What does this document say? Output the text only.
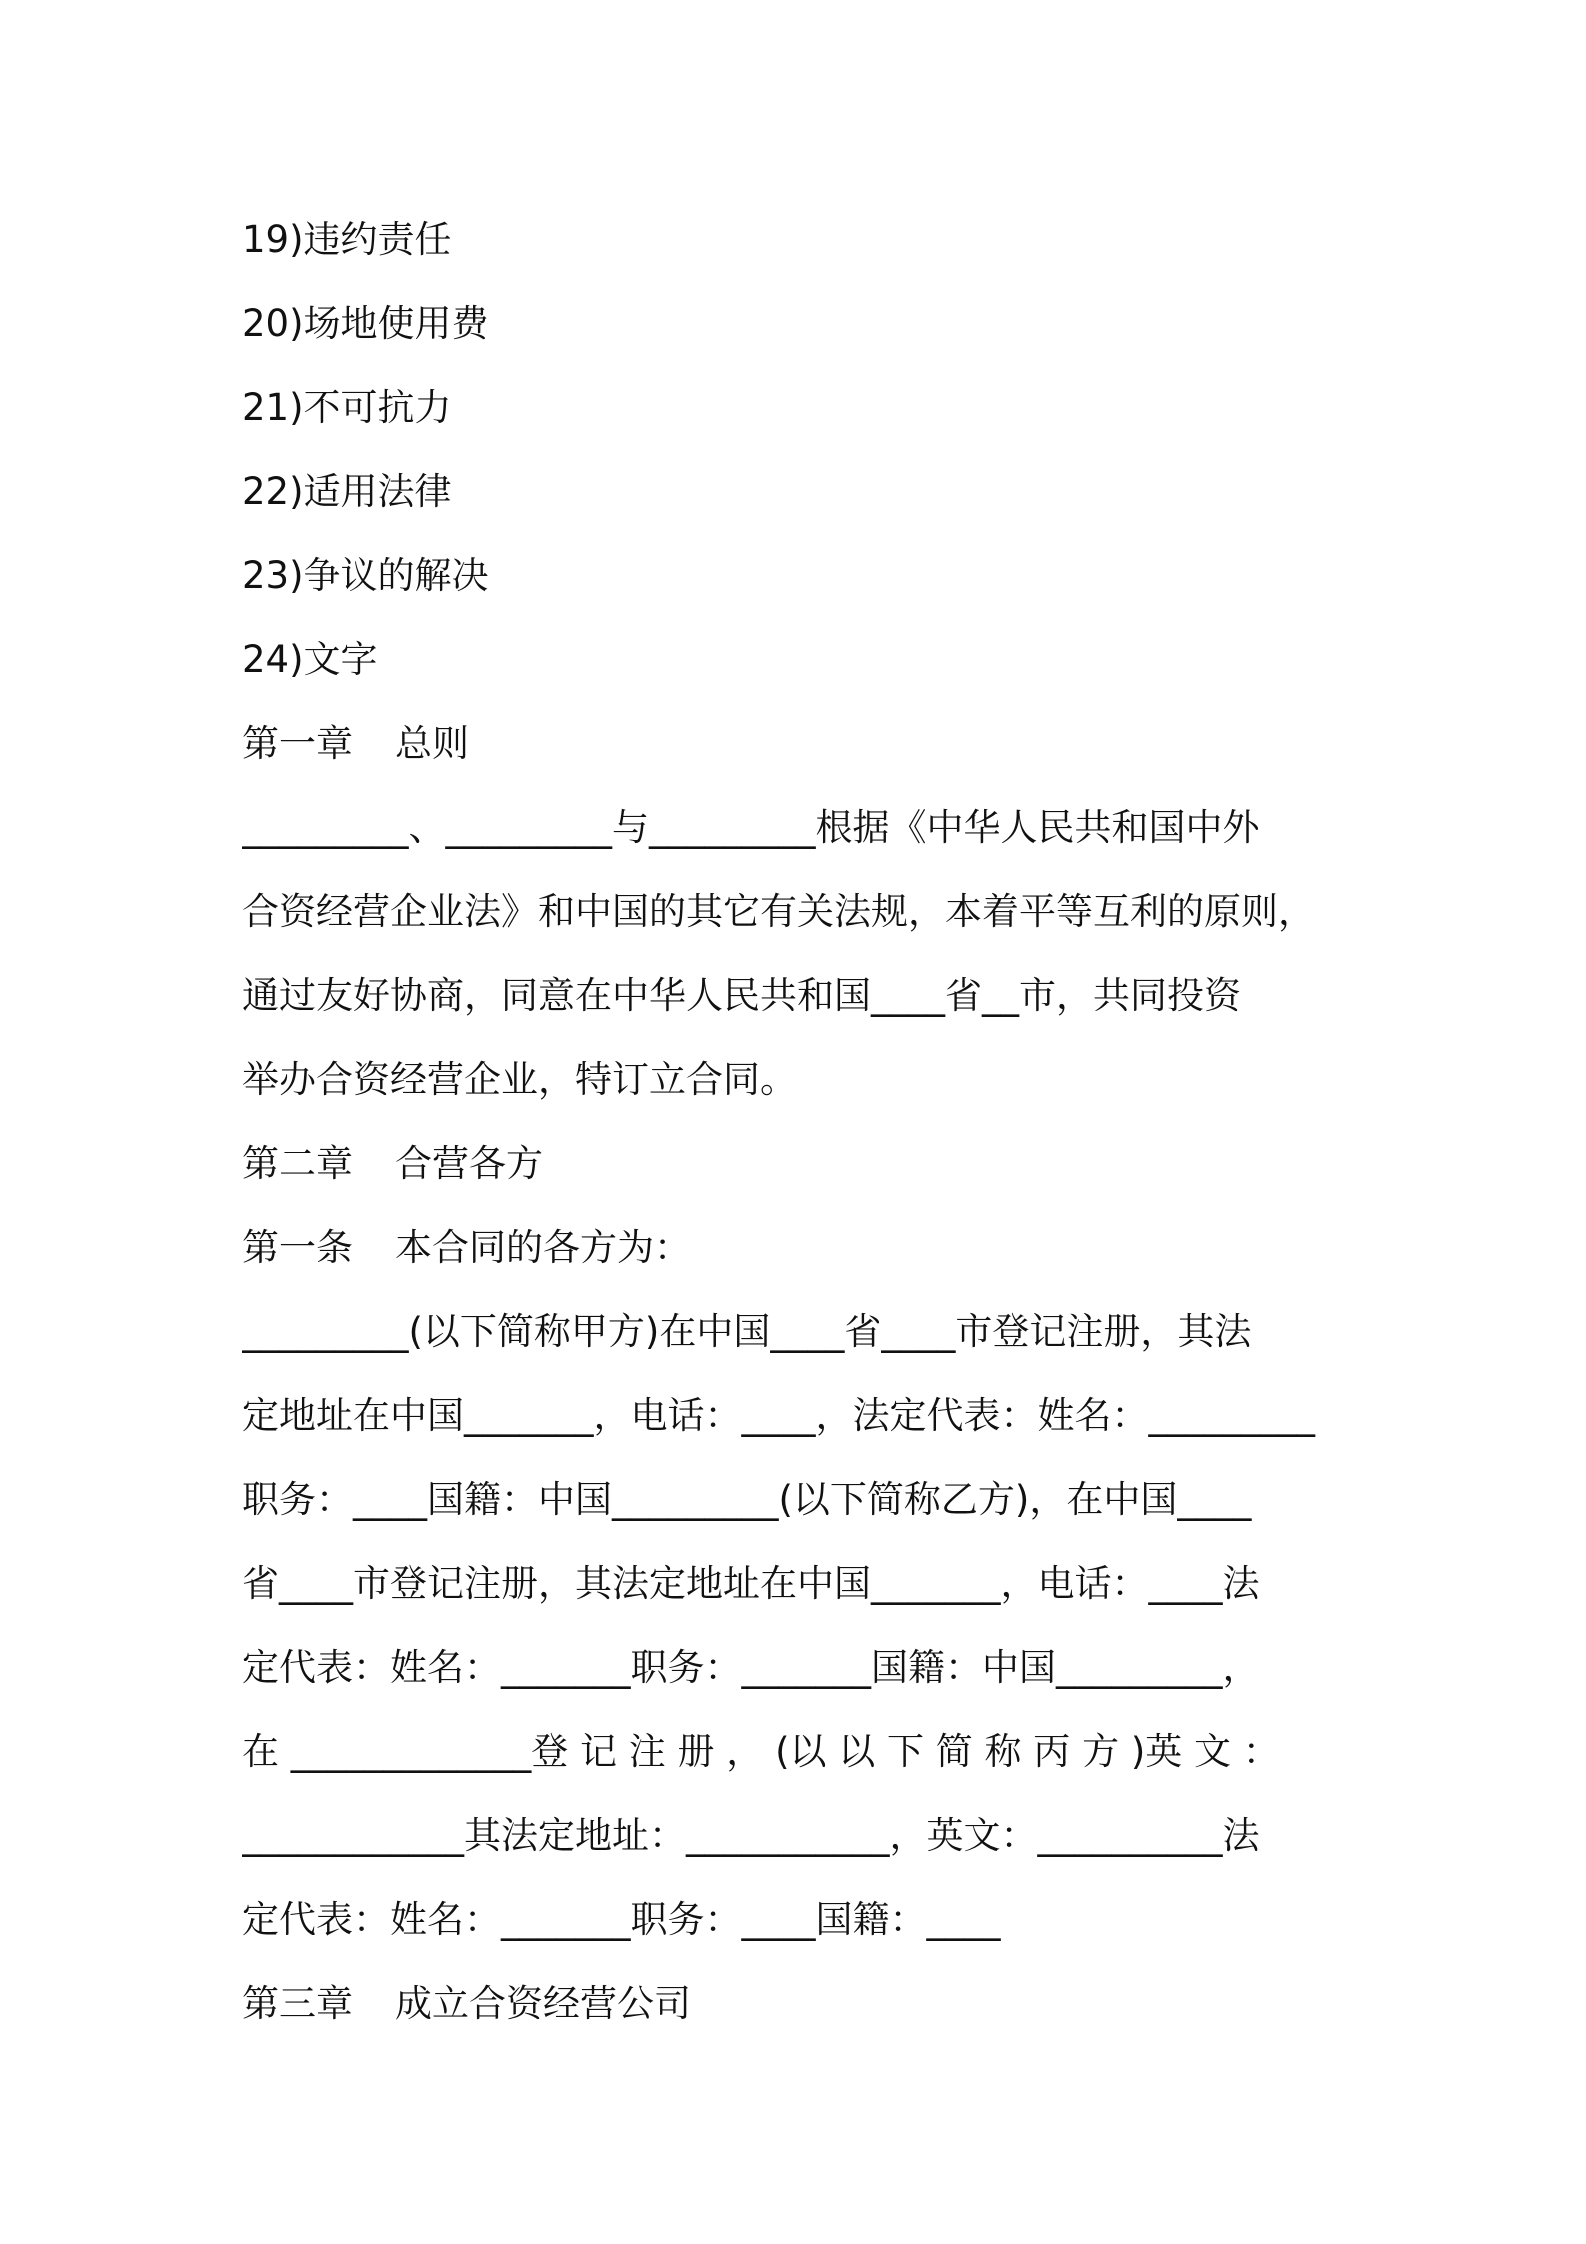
19)违约责任
20)场地使用费
21)不可抗力
22)适用法律
23)争议的解决
24)文字
第一章 总则
_________、_________与_________根据《中华人民共和国中外
合资经营企业法》和中国的其它有关法规，本着平等互利的原则，
通过友好协商，同意在中华人民共和国____省__市，共同投资
举办合资经营企业，特订立合同。
第二章 合营各方
第一条 本合同的各方为：
_________(以下简称甲方)在中国____省____市登记注册，其法
定地址在中国_______，电话：____，法定代表：姓名：_________
职务：____国籍：中国_________(以下简称乙方)，在中国____
省____市登记注册，其法定地址在中国_______，电话：____法
定代表：姓名：_______职务：_______国籍：中国_________，
在 _____________登 记 注 册 ， (以 以 下 简 称 丙 方 )英 文 ：
____________其法定地址：___________，英文：__________法
定代表：姓名：_______职务：____国籍：____
第三章 成立合资经营公司
